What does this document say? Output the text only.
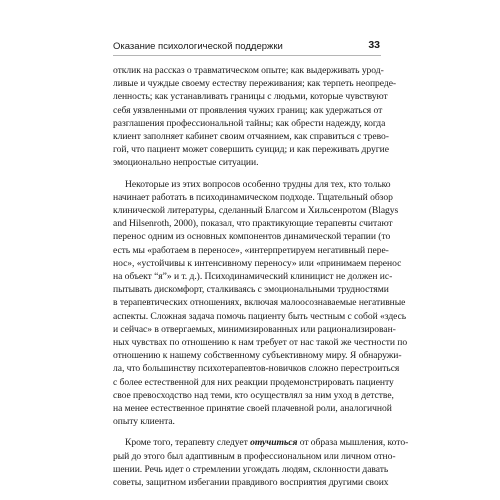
Оказание психологической поддержки	33
отклик на рассказ о травматическом опыте; как выдерживать урод-
ливые и чуждые своему естеству переживания; как терпеть неопреде-
ленность; как устанавливать границы с людьми, которые чувствуют
себя уязвленными от проявления чужих границ; как удержаться от
разглашения профессиональной тайны; как обрести надежду, когда
клиент заполняет кабинет своим отчаянием, как справиться с трево-
гой, что пациент может совершить суицид; и как переживать другие
эмоционально непростые ситуации.
Некоторые из этих вопросов особенно трудны для тех, кто только
начинает работать в психодинамическом подходе. Тщательный обзор
клинической литературы, сделанный Благсом и Хильсенротом (Blagys
and Hilsenroth, 2000), показал, что практикующие терапевты считают
перенос одним из основных компонентов динамической терапии (то
есть мы «работаем в переносе», «интерпретируем негативный пере-
нос», «устойчивы к интенсивному переносу» или «принимаем перенос
на объект “я”» и т. д.). Психодинамический клиницист не должен ис-
пытывать дискомфорт, сталкиваясь с эмоциональными трудностями
в терапевтических отношениях, включая малоосознаваемые негативные
аспекты. Сложная задача помочь пациенту быть честным с собой «здесь
и сейчас» в отвергаемых, минимизированных или рационализирован-
ных чувствах по отношению к нам требует от нас такой же честности по
отношению к нашему собственному субъективному миру. Я обнаружи-
ла, что большинству психотерапевтов-новичков сложно перестроиться
с более естественной для них реакции продемонстрировать пациенту
свое превосходство над теми, кто осуществлял за ним уход в детстве,
на менее естественное принятие своей плачевной роли, аналогичной
опыту клиента.
Кроме того, терапевту следует отучиться от образа мышления, кото-
рый до этого был адаптивным в профессиональном или личном отно-
шении. Речь идет о стремлении угождать людям, склонности давать
советы, защитном избегании правдивого восприятия другими своих
